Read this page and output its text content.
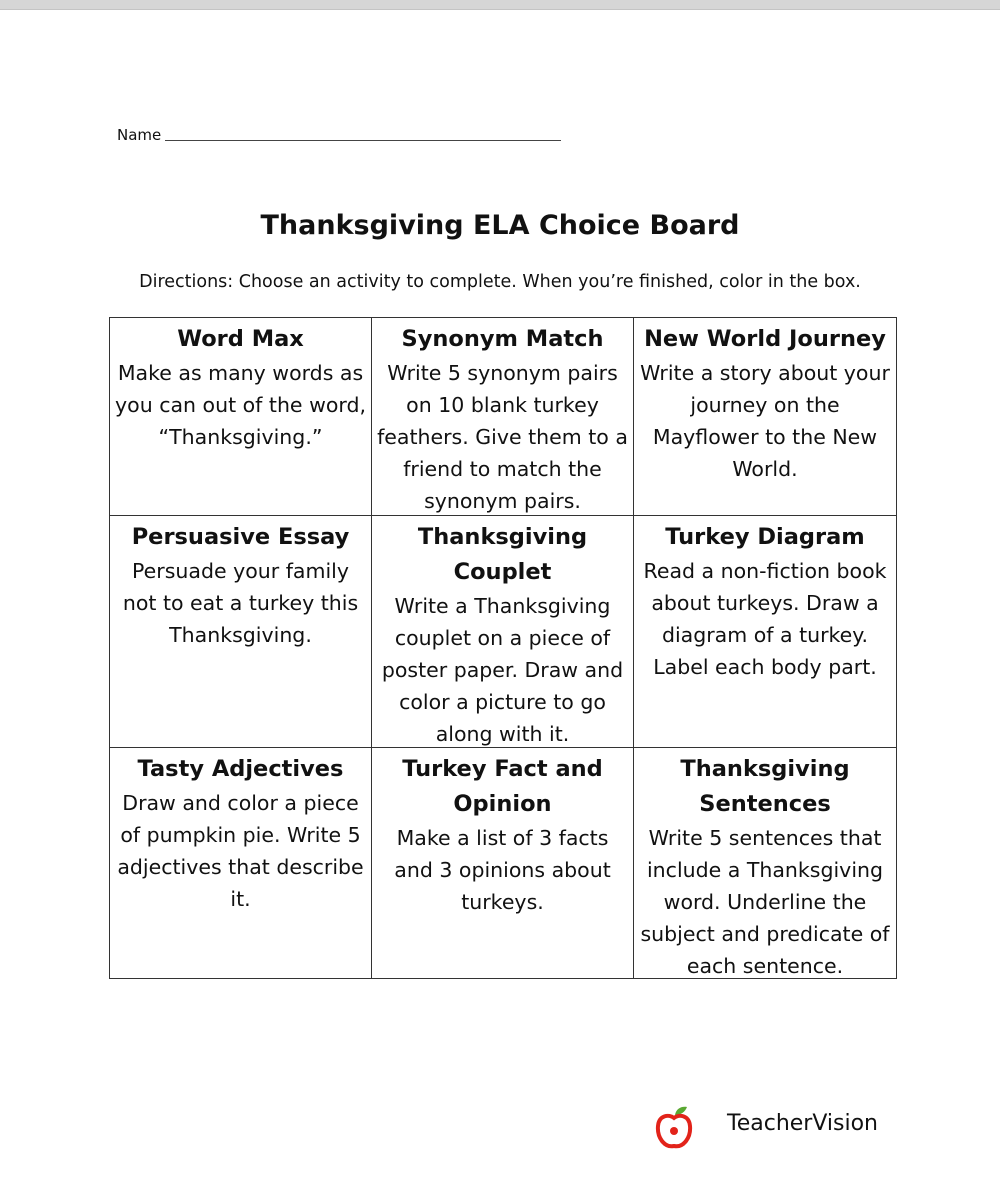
Name
Thanksgiving ELA Choice Board
Directions: Choose an activity to complete. When you’re finished, color in the box.
Word Max
Make as many words as you can out of the word, “Thanksgiving.”
Synonym Match
Write 5 synonym pairs on 10 blank turkey feathers. Give them to a friend to match the synonym pairs.
New World Journey
Write a story about your journey on the Mayflower to the New World.
Persuasive Essay
Persuade your family not to eat a turkey this Thanksgiving.
Thanksgiving Couplet
Write a Thanksgiving couplet on a piece of poster paper. Draw and color a picture to go along with it.
Turkey Diagram
Read a non-fiction book about turkeys. Draw a diagram of a turkey. Label each body part.
Tasty Adjectives
Draw and color a piece of pumpkin pie. Write 5 adjectives that describe it.
Turkey Fact and Opinion
Make a list of 3 facts and 3 opinions about turkeys.
Thanksgiving Sentences
Write 5 sentences that include a Thanksgiving word. Underline the subject and predicate of each sentence.
TeacherVision
